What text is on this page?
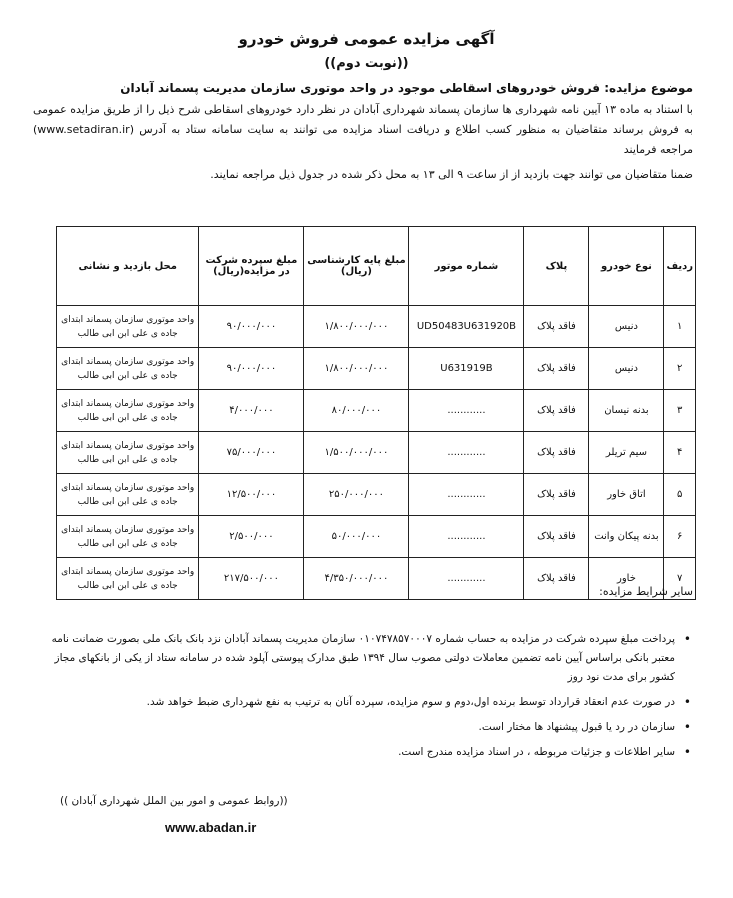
آگهی مزایده عمومی فروش خودرو
((نوبت دوم))
موضوع مزایده: فروش خودروهای اسقاطی موجود در واحد موتوری سازمان مدیریت پسماند آبادان
با استناد به ماده ۱۳ آیین نامه شهرداری ها سازمان پسماند شهرداری آبادان در نظر دارد خودروهای اسقاطی شرح ذیل را از طریق مزایده عمومی به فروش برساند متقاضیان به منظور کسب اطلاع و دریافت اسناد مزایده می توانند به سایت سامانه ستاد به آدرس (www.setadiran.ir) مراجعه فرمایند
ضمنا متقاضیان می توانند جهت بازدید از از ساعت ۹ الی ۱۳ به محل ذکر شده در جدول ذیل مراجعه نمایند.
ردیف	نوع خودرو	پلاک	شماره موتور	مبلغ پایه کارشناسی (ریال)	مبلغ سپرده شرکت در مزایده(ریال)	محل بازدید و نشانی
۱	دنیس	فاقد پلاک	UD50483U631920B	۱/۸۰۰/۰۰۰/۰۰۰	۹۰/۰۰۰/۰۰۰	واحد موتوری سازمان پسماند ابتدای جاده ی علی ابن ابی طالب
۲	دنیس	فاقد پلاک	U631919B	۱/۸۰۰/۰۰۰/۰۰۰	۹۰/۰۰۰/۰۰۰	واحد موتوری سازمان پسماند ابتدای جاده ی علی ابن ابی طالب
۳	بدنه نیسان	فاقد پلاک	............	۸۰/۰۰۰/۰۰۰	۴/۰۰۰/۰۰۰	واحد موتوری سازمان پسماند ابتدای جاده ی علی ابن ابی طالب
۴	سیم تریلر	فاقد پلاک	............	۱/۵۰۰/۰۰۰/۰۰۰	۷۵/۰۰۰/۰۰۰	واحد موتوری سازمان پسماند ابتدای جاده ی علی ابن ابی طالب
۵	اتاق خاور	فاقد پلاک	............	۲۵۰/۰۰۰/۰۰۰	۱۲/۵۰۰/۰۰۰	واحد موتوری سازمان پسماند ابتدای جاده ی علی ابن ابی طالب
۶	بدنه پیکان وانت	فاقد پلاک	............	۵۰/۰۰۰/۰۰۰	۲/۵۰۰/۰۰۰	واحد موتوری سازمان پسماند ابتدای جاده ی علی ابن ابی طالب
۷	خاور	فاقد پلاک	............	۴/۳۵۰/۰۰۰/۰۰۰	۲۱۷/۵۰۰/۰۰۰	واحد موتوری سازمان پسماند ابتدای جاده ی علی ابن ابی طالب	سایر شرایط مزایده:
• پرداخت مبلغ سپرده شرکت در مزایده به حساب شماره ۰۱۰۷۴۷۸۵۷۰۰۰۷ سازمان مدیریت پسماند آبادان نزد بانک بانک ملی بصورت ضمانت نامه معتبر بانکی براساس آیین نامه تضمین معاملات دولتی مصوب سال ۱۳۹۴ طبق مدارک پیوستی آپلود شده در سامانه ستاد از یکی از بانکهای مجاز کشور برای مدت نود روز
• در صورت عدم انعقاد قرارداد توسط برنده اول،دوم و سوم مزایده، سپرده آنان به ترتیب به نفع شهرداری ضبط خواهد شد.
• سازمان در رد یا قبول پیشنهاد ها مختار است.
• سایر اطلاعات و جزئیات مربوطه ، در اسناد مزایده مندرج است.
((روابط عمومی و امور بین الملل شهرداری آبادان ))
www.abadan.ir
